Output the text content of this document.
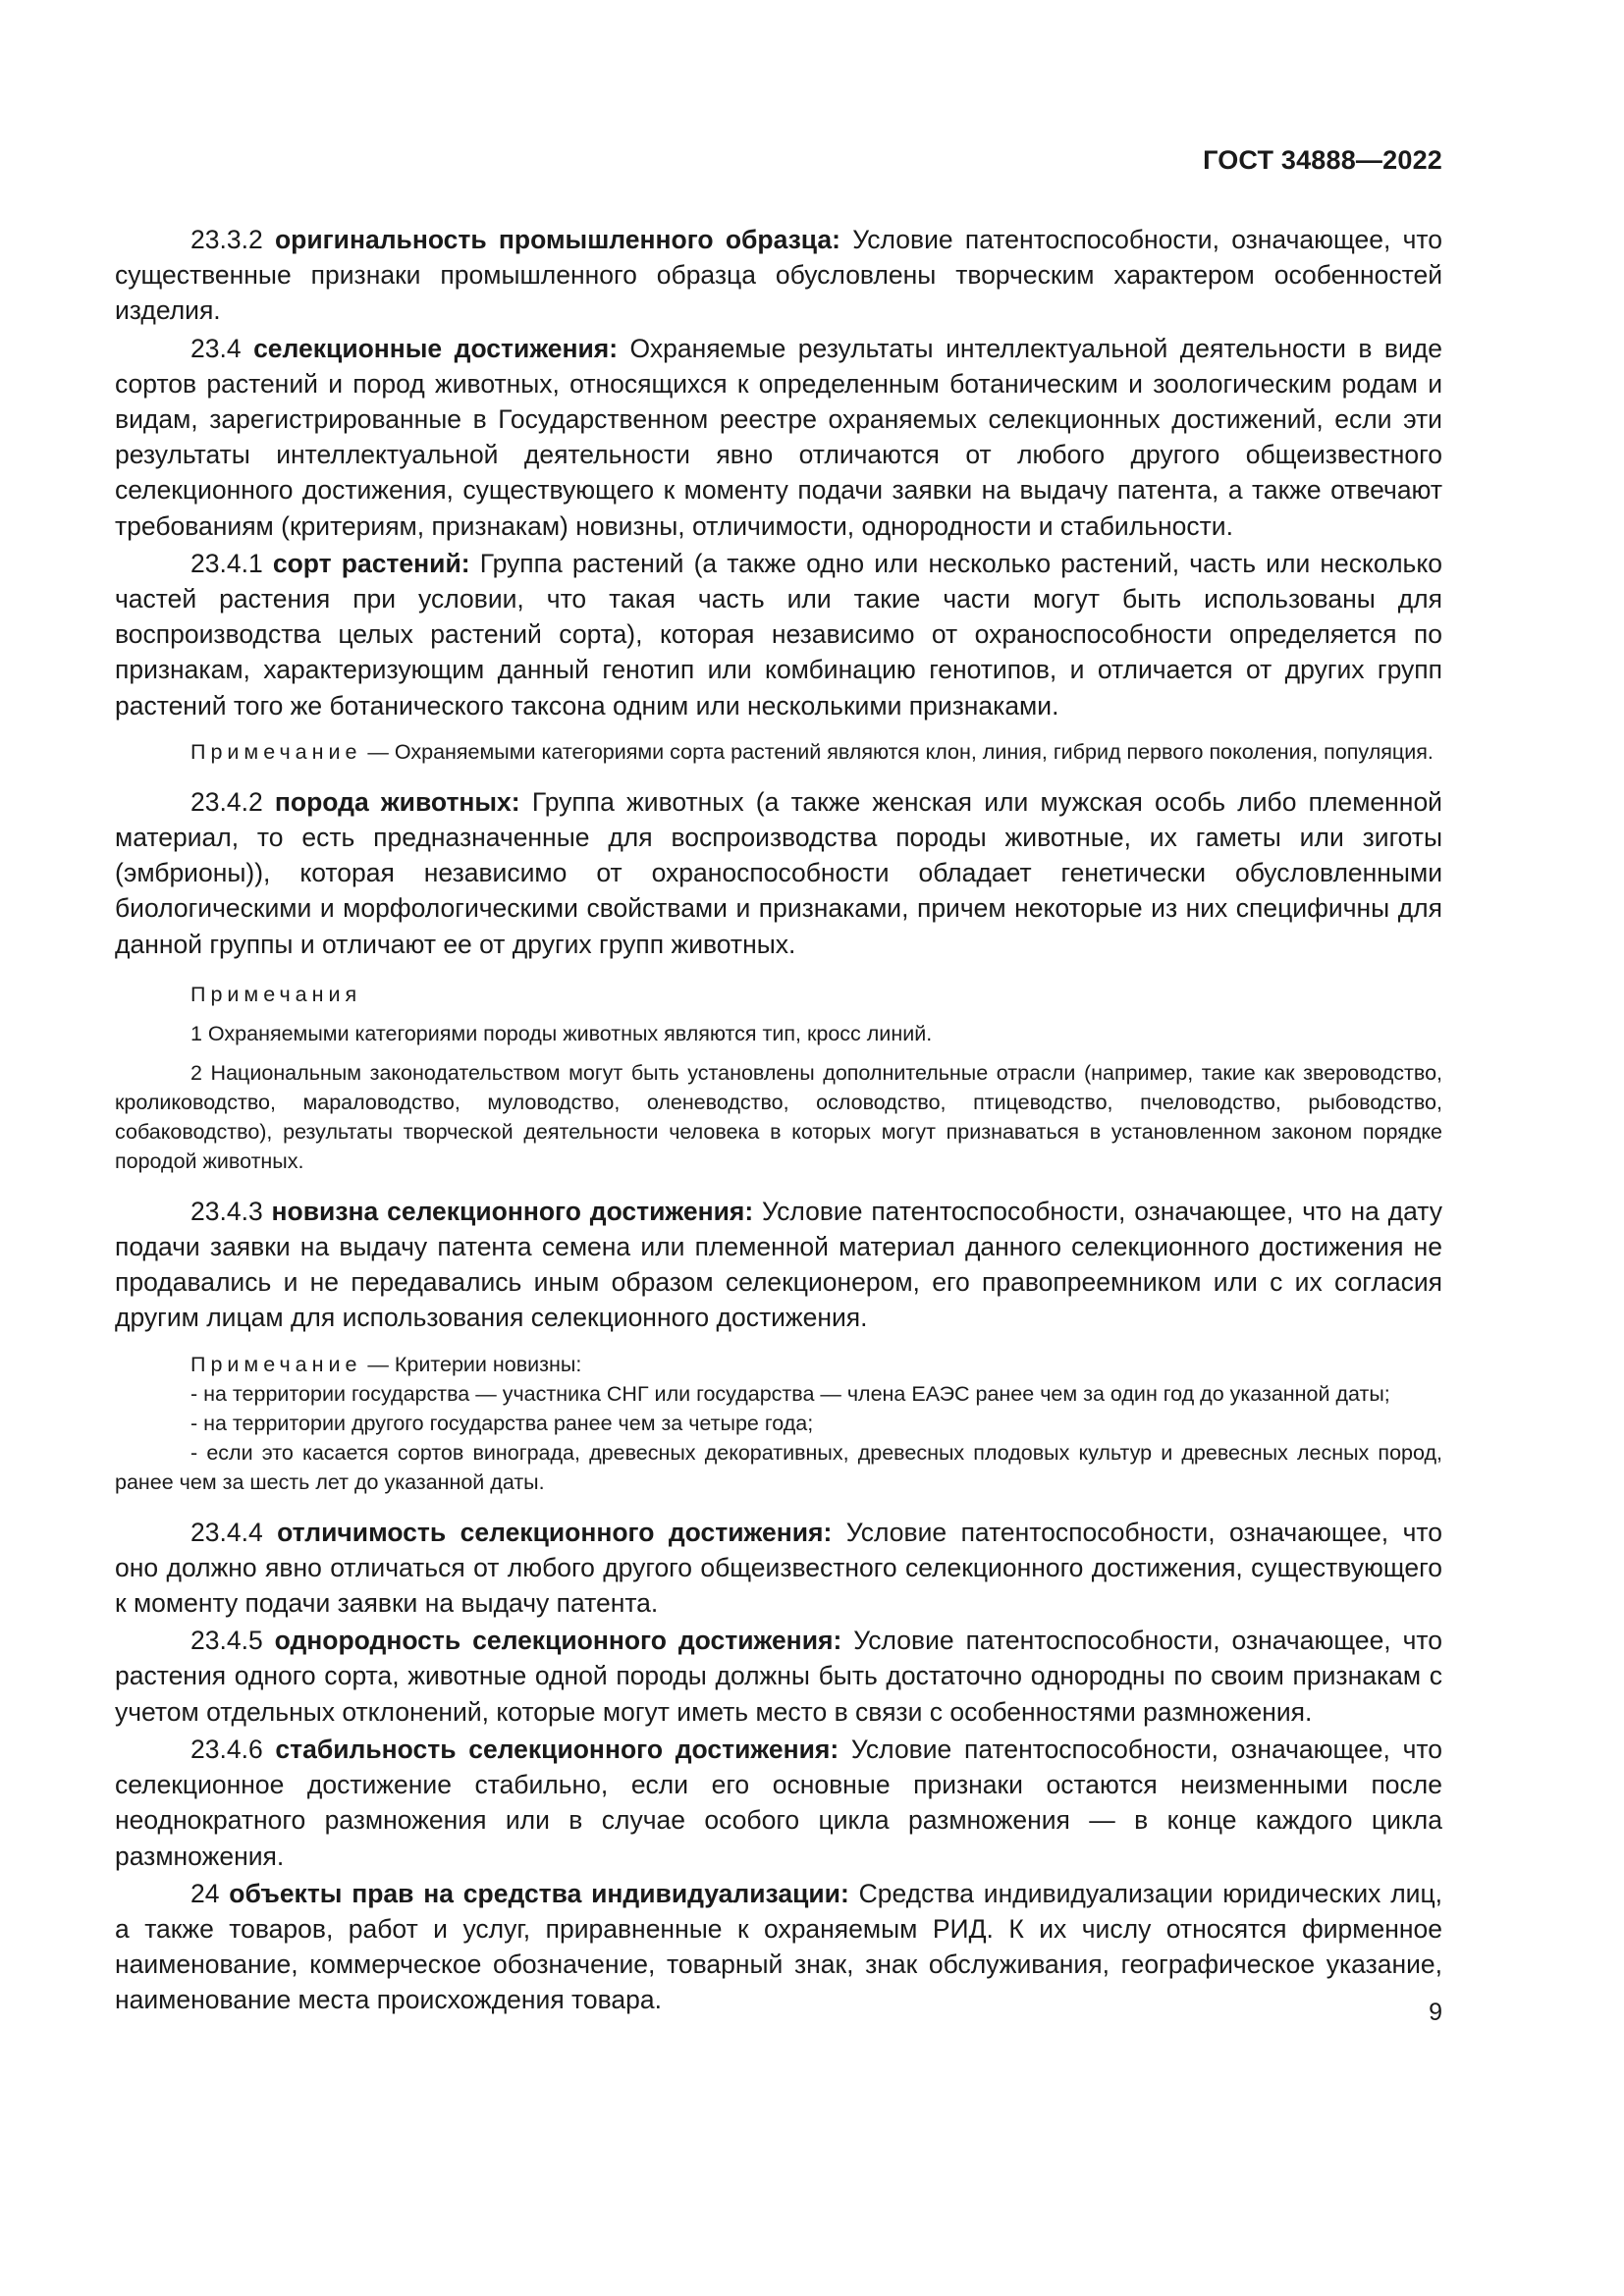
ГОСТ 34888—2022

23.3.2 оригинальность промышленного образца: Условие патентоспособности, означающее, что существенные признаки промышленного образца обусловлены творческим характером особенностей изделия.

23.4 селекционные достижения: Охраняемые результаты интеллектуальной деятельности в виде сортов растений и пород животных, относящихся к определенным ботаническим и зоологическим родам и видам, зарегистрированные в Государственном реестре охраняемых селекционных достижений, если эти результаты интеллектуальной деятельности явно отличаются от любого другого общеизвестного селекционного достижения, существующего к моменту подачи заявки на выдачу патента, а также отвечают требованиям (критериям, признакам) новизны, отличимости, однородности и стабильности.

23.4.1 сорт растений: Группа растений (а также одно или несколько растений, часть или несколько частей растения при условии, что такая часть или такие части могут быть использованы для воспроизводства целых растений сорта), которая независимо от охраноспособности определяется по признакам, характеризующим данный генотип или комбинацию генотипов, и отличается от других групп растений того же ботанического таксона одним или несколькими признаками.

Примечание — Охраняемыми категориями сорта растений являются клон, линия, гибрид первого поколения, популяция.

23.4.2 порода животных: Группа животных (а также женская или мужская особь либо племенной материал, то есть предназначенные для воспроизводства породы животные, их гаметы или зиготы (эмбрионы)), которая независимо от охраноспособности обладает генетически обусловленными биологическими и морфологическими свойствами и признаками, причем некоторые из них специфичны для данной группы и отличают ее от других групп животных.

Примечания

1 Охраняемыми категориями породы животных являются тип, кросс линий.

2 Национальным законодательством могут быть установлены дополнительные отрасли (например, такие как звероводство, кролиководство, мараловодство, муловодство, оленеводство, ословодство, птицеводство, пчеловодство, рыбоводство, собаководство), результаты творческой деятельности человека в которых могут признаваться в установленном законом порядке породой животных.

23.4.3 новизна селекционного достижения: Условие патентоспособности, означающее, что на дату подачи заявки на выдачу патента семена или племенной материал данного селекционного достижения не продавались и не передавались иным образом селекционером, его правопреемником или с их согласия другим лицам для использования селекционного достижения.

Примечание — Критерии новизны:

- на территории государства — участника СНГ или государства — члена ЕАЭС ранее чем за один год до указанной даты;

- на территории другого государства ранее чем за четыре года;

- если это касается сортов винограда, древесных декоративных, древесных плодовых культур и древесных лесных пород, ранее чем за шесть лет до указанной даты.

23.4.4 отличимость селекционного достижения: Условие патентоспособности, означающее, что оно должно явно отличаться от любого другого общеизвестного селекционного достижения, существующего к моменту подачи заявки на выдачу патента.

23.4.5 однородность селекционного достижения: Условие патентоспособности, означающее, что растения одного сорта, животные одной породы должны быть достаточно однородны по своим признакам с учетом отдельных отклонений, которые могут иметь место в связи с особенностями размножения.

23.4.6 стабильность селекционного достижения: Условие патентоспособности, означающее, что селекционное достижение стабильно, если его основные признаки остаются неизменными после неоднократного размножения или в случае особого цикла размножения — в конце каждого цикла размножения.

24 объекты прав на средства индивидуализации: Средства индивидуализации юридических лиц, а также товаров, работ и услуг, приравненные к охраняемым РИД. К их числу относятся фирменное наименование, коммерческое обозначение, товарный знак, знак обслуживания, географическое указание, наименование места происхождения товара.	9
